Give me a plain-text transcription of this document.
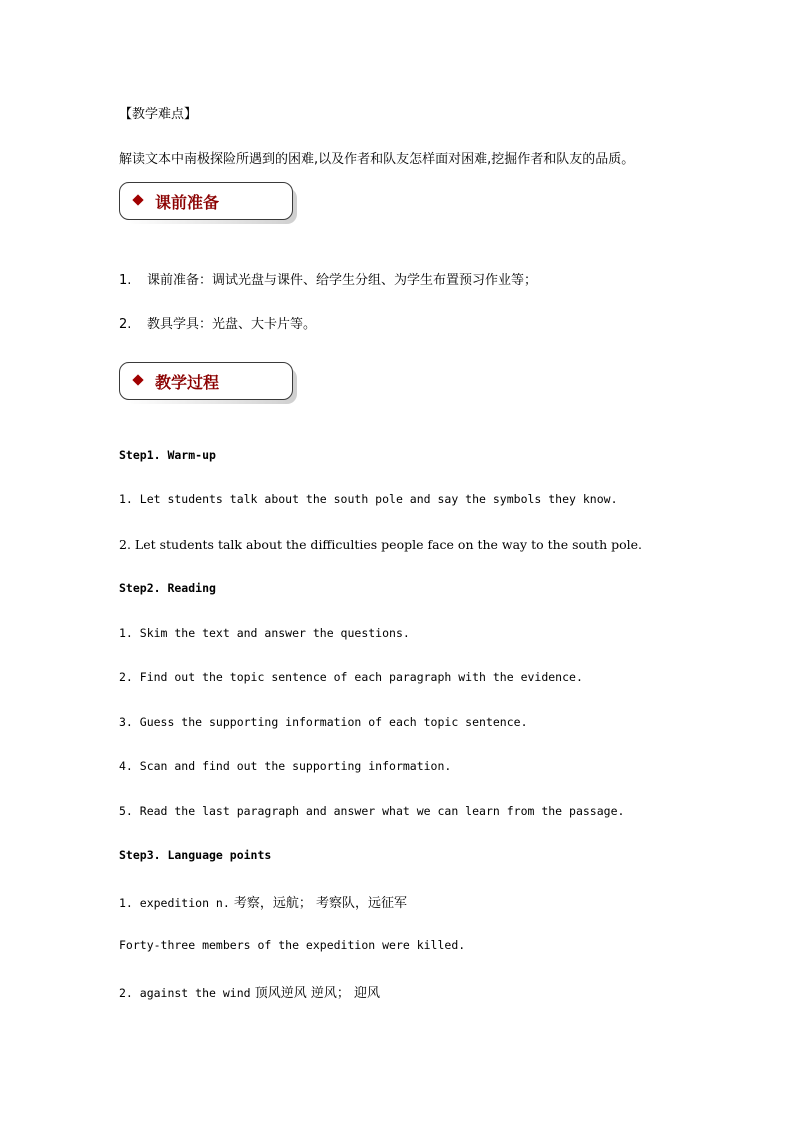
【教学难点】
解读文本中南极探险所遇到的困难,以及作者和队友怎样面对困难,挖掘作者和队友的品质。
课前准备
1. 课前准备：调试光盘与课件、给学生分组、为学生布置预习作业等；
2. 教具学具：光盘、大卡片等。
教学过程
Step1. Warm-up
1. Let students talk about the south pole and say the symbols they know.
2. Let students talk about the difficulties people face on the way to the south pole.
Step2. Reading
1. Skim the text and answer the questions.
2. Find out the topic sentence of each paragraph with the evidence.
3. Guess the supporting information of each topic sentence.
4. Scan and find out the supporting information.
5. Read the last paragraph and answer what we can learn from the passage.
Step3. Language points
1. expedition n. 考察，远航； 考察队，远征军
Forty-three members of the expedition were killed.
2. against the wind 顶风逆风 逆风； 迎风
